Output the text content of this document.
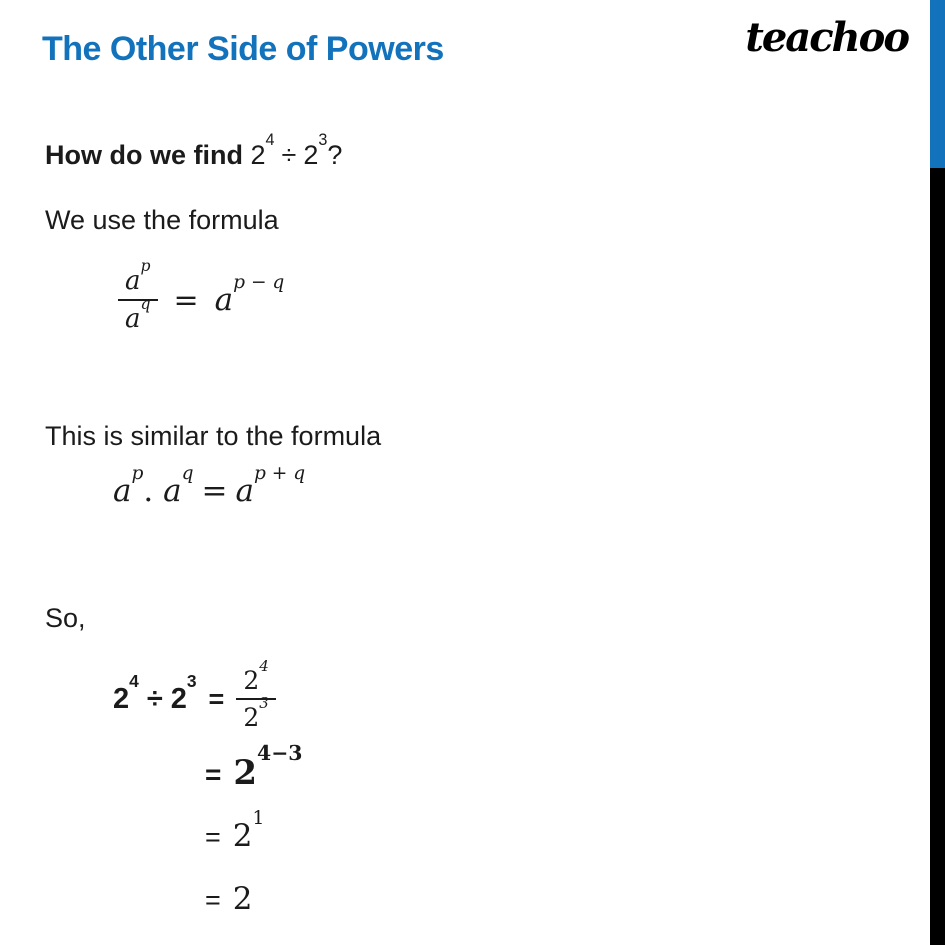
The Other Side of Powers	teachoo

How do we find $2^4 \div 2^3$?

We use the formula

$\frac{a^p}{a^q} = a^{p - q}$

This is similar to the formula

$a^p$. $a^q = a^{p + q}$

So,

$2^4\div 2^3$
= $\frac{2^4}{2^3}$
= $2^{4-3}$
= $2^1$
= 2
